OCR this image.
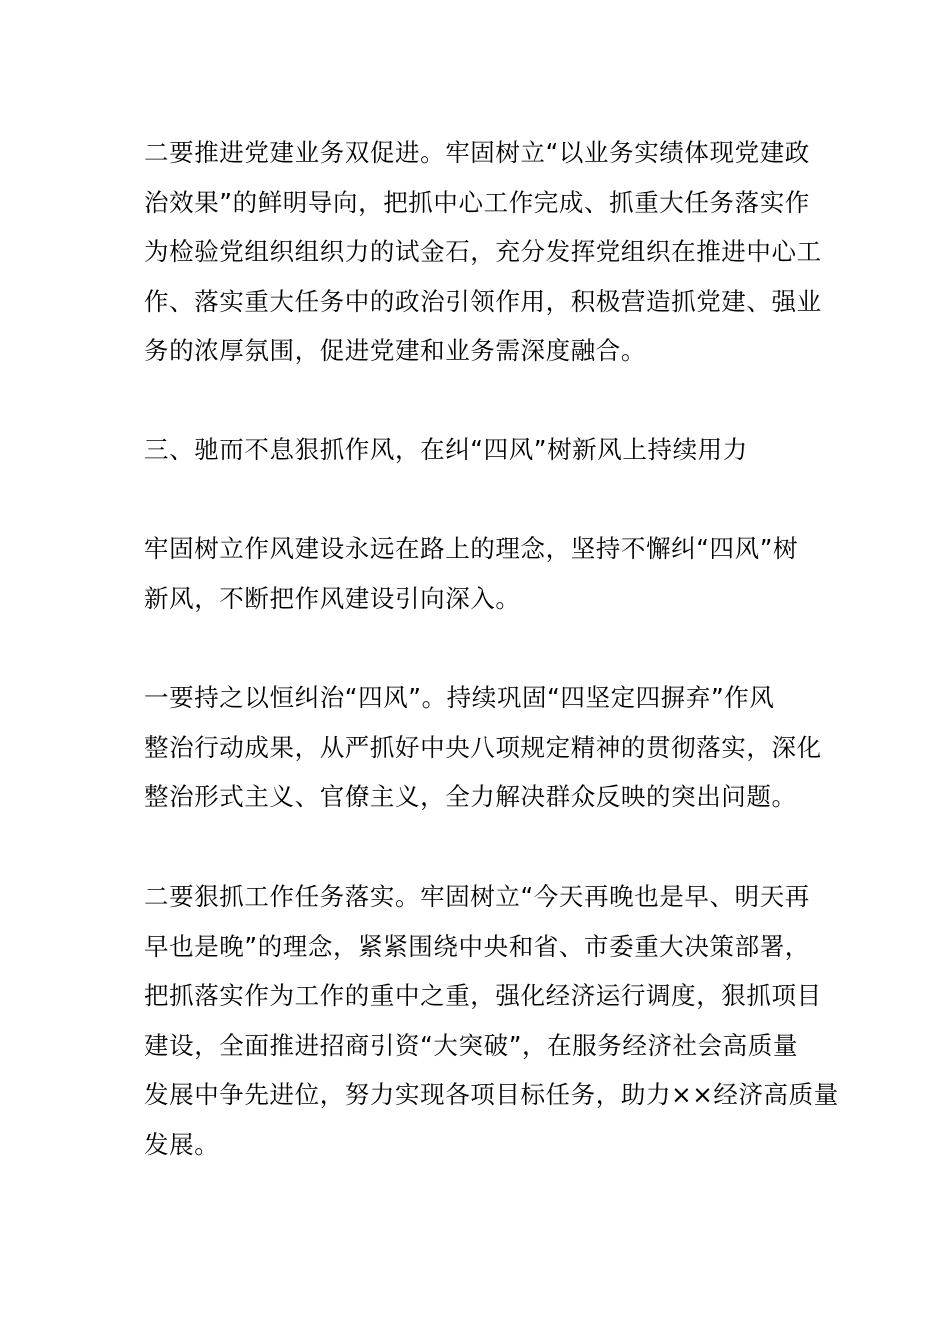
二要推进党建业务双促进。牢固树立“以业务实绩体现党建政
治效果”的鲜明导向，把抓中心工作完成、抓重大任务落实作
为检验党组织组织力的试金石，充分发挥党组织在推进中心工
作、落实重大任务中的政治引领作用，积极营造抓党建、强业
务的浓厚氛围，促进党建和业务需深度融合。
三、驰而不息狠抓作风，在纠“四风”树新风上持续用力
牢固树立作风建设永远在路上的理念，坚持不懈纠“四风”树
新风，不断把作风建设引向深入。
一要持之以恒纠治“四风”。持续巩固“四坚定四摒弃”作风
整治行动成果，从严抓好中央八项规定精神的贯彻落实，深化
整治形式主义、官僚主义，全力解决群众反映的突出问题。
二要狠抓工作任务落实。牢固树立“今天再晚也是早、明天再
早也是晚”的理念，紧紧围绕中央和省、市委重大决策部署，
把抓落实作为工作的重中之重，强化经济运行调度，狠抓项目
建设，全面推进招商引资“大突破”，在服务经济社会高质量
发展中争先进位，努力实现各项目标任务，助力××经济高质量
发展。
